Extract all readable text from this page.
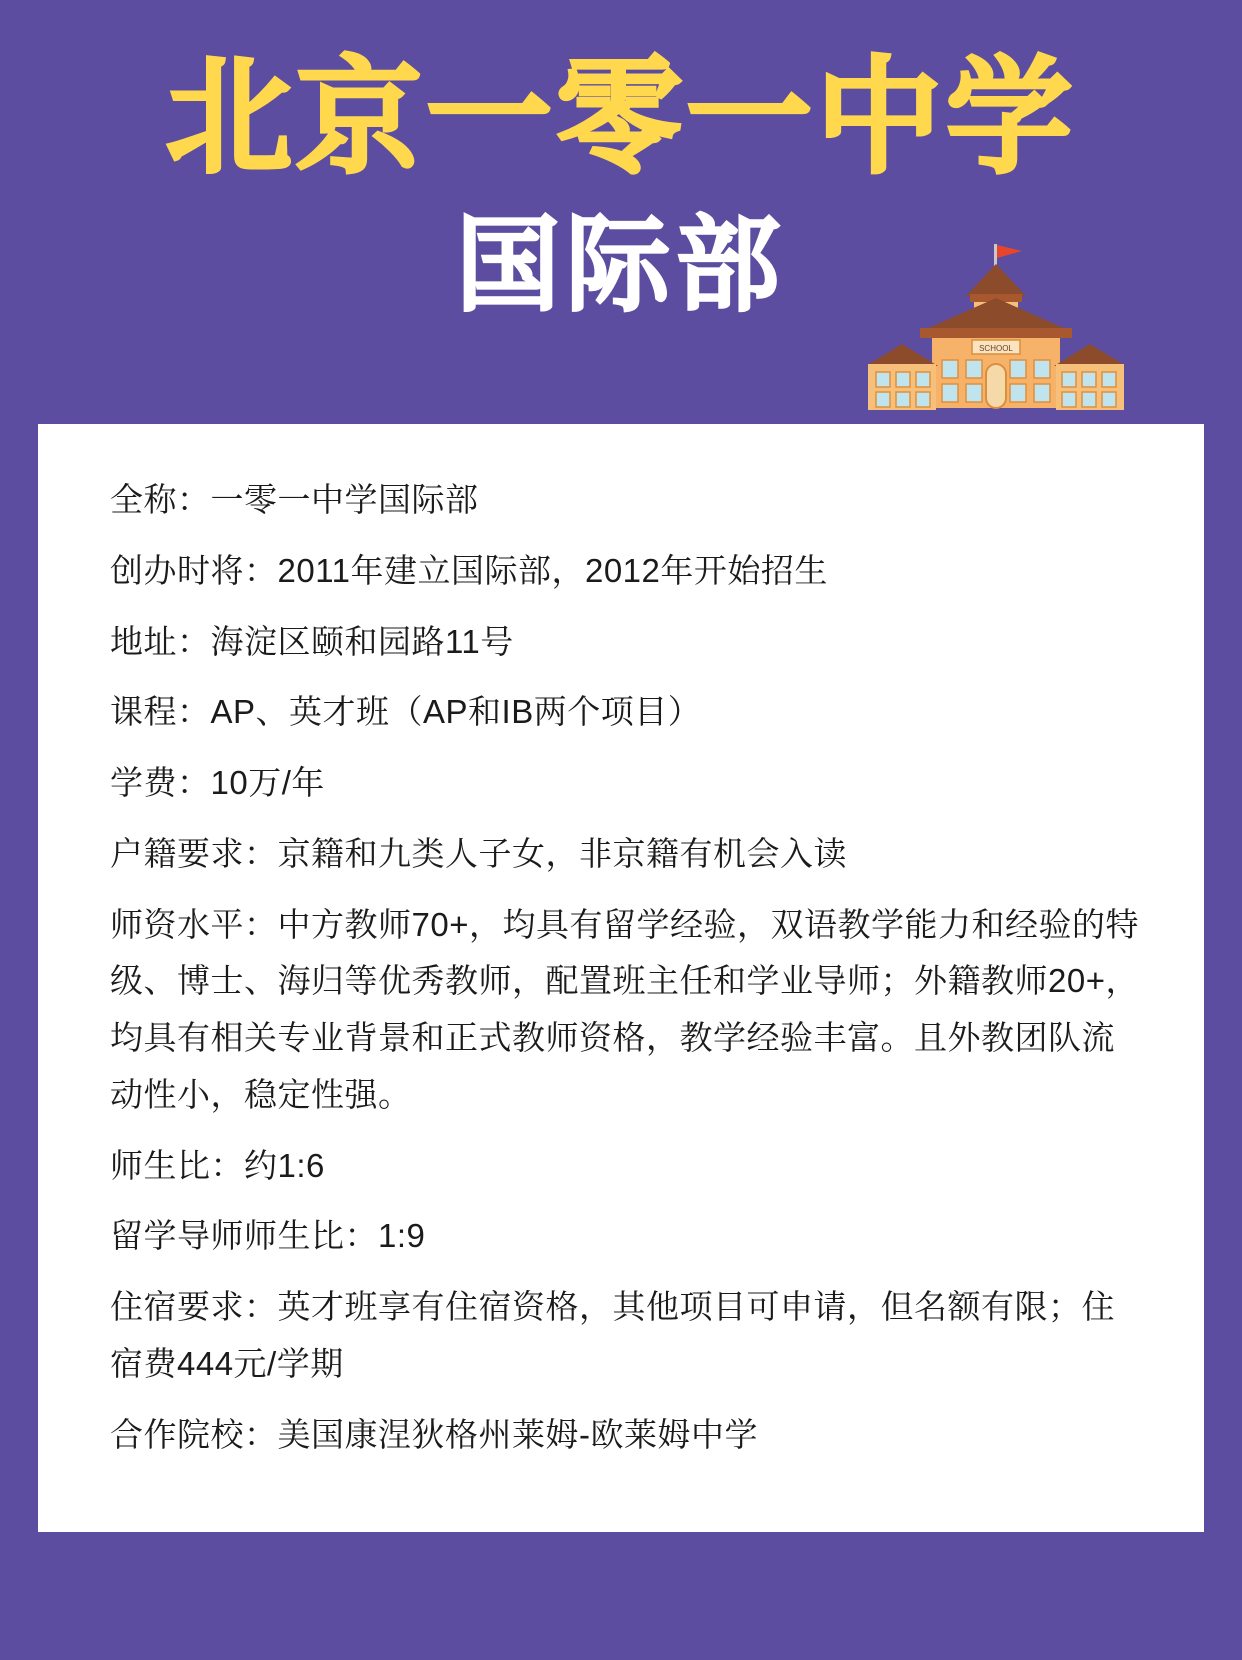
北京一零一中学
国际部
SCHOOL

全称：一零一中学国际部

创办时将：2011年建立国际部，2012年开始招生

地址：海淀区颐和园路11号

课程：AP、英才班（AP和IB两个项目）

学费：10万/年

户籍要求：京籍和九类人子女，非京籍有机会入读

师资水平：中方教师70+，均具有留学经验，双语教学能力和经验的特级、博士、海归等优秀教师，配置班主任和学业导师；外籍教师20+，均具有相关专业背景和正式教师资格，教学经验丰富。且外教团队流动性小，稳定性强。

师生比：约1:6

留学导师师生比：1:9

住宿要求：英才班享有住宿资格，其他项目可申请，但名额有限；住宿费444元/学期

合作院校：美国康涅狄格州莱姆-欧莱姆中学
